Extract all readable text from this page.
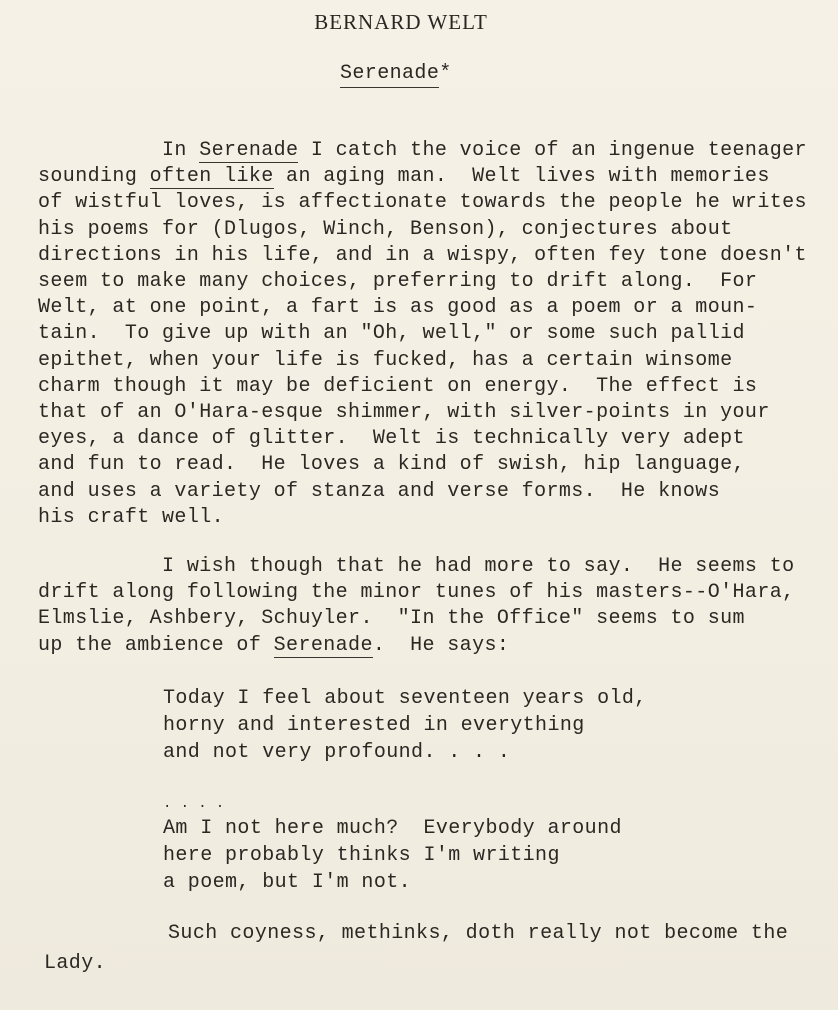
BERNARD WELT
Serenade*
In Serenade I catch the voice of an ingenue teenager
sounding often like an aging man.  Welt lives with memories
of wistful loves, is affectionate towards the people he writes
his poems for (Dlugos, Winch, Benson), conjectures about
directions in his life, and in a wispy, often fey tone doesn't
seem to make many choices, preferring to drift along.  For
Welt, at one point, a fart is as good as a poem or a moun-
tain.  To give up with an "Oh, well," or some such pallid
epithet, when your life is fucked, has a certain winsome
charm though it may be deficient on energy.  The effect is
that of an O'Hara-esque shimmer, with silver-points in your
eyes, a dance of glitter.  Welt is technically very adept
and fun to read.  He loves a kind of swish, hip language,
and uses a variety of stanza and verse forms.  He knows
his craft well.
I wish though that he had more to say.  He seems to
drift along following the minor tunes of his masters--O'Hara,
Elmslie, Ashbery, Schuyler.  "In the Office" seems to sum
up the ambience of Serenade.  He says:
Today I feel about seventeen years old,
horny and interested in everything
and not very profound. . . .
. . . .
Am I not here much?  Everybody around
here probably thinks I'm writing
a poem, but I'm not.
Such coyness, methinks, doth really not become the
Lady.
